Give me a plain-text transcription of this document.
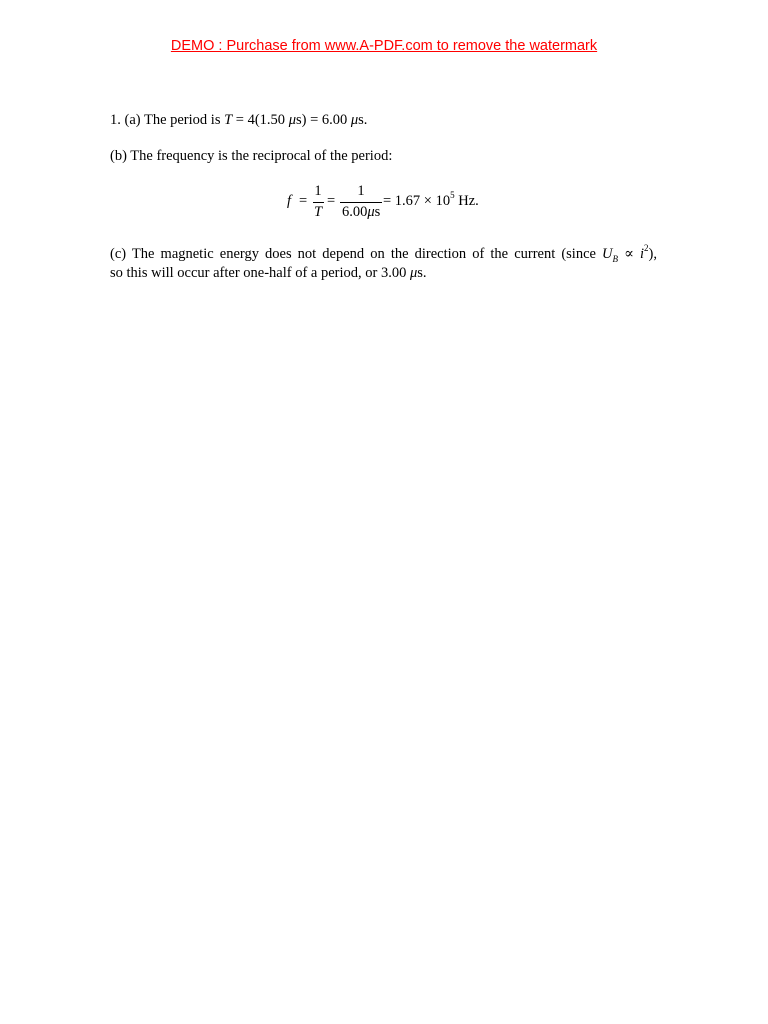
DEMO : Purchase from www.A-PDF.com to remove the watermark
1. (a) The period is T = 4(1.50 μs) = 6.00 μs.
(b) The frequency is the reciprocal of the period:
f =
1
T
=
1
6.00μs
= $1.67 \times 10^5$ Hz.
(c) The magnetic energy does not depend on the direction of the current (since $U_B \propto i^2$),
so this will occur after one-half of a period, or 3.00 μs.
